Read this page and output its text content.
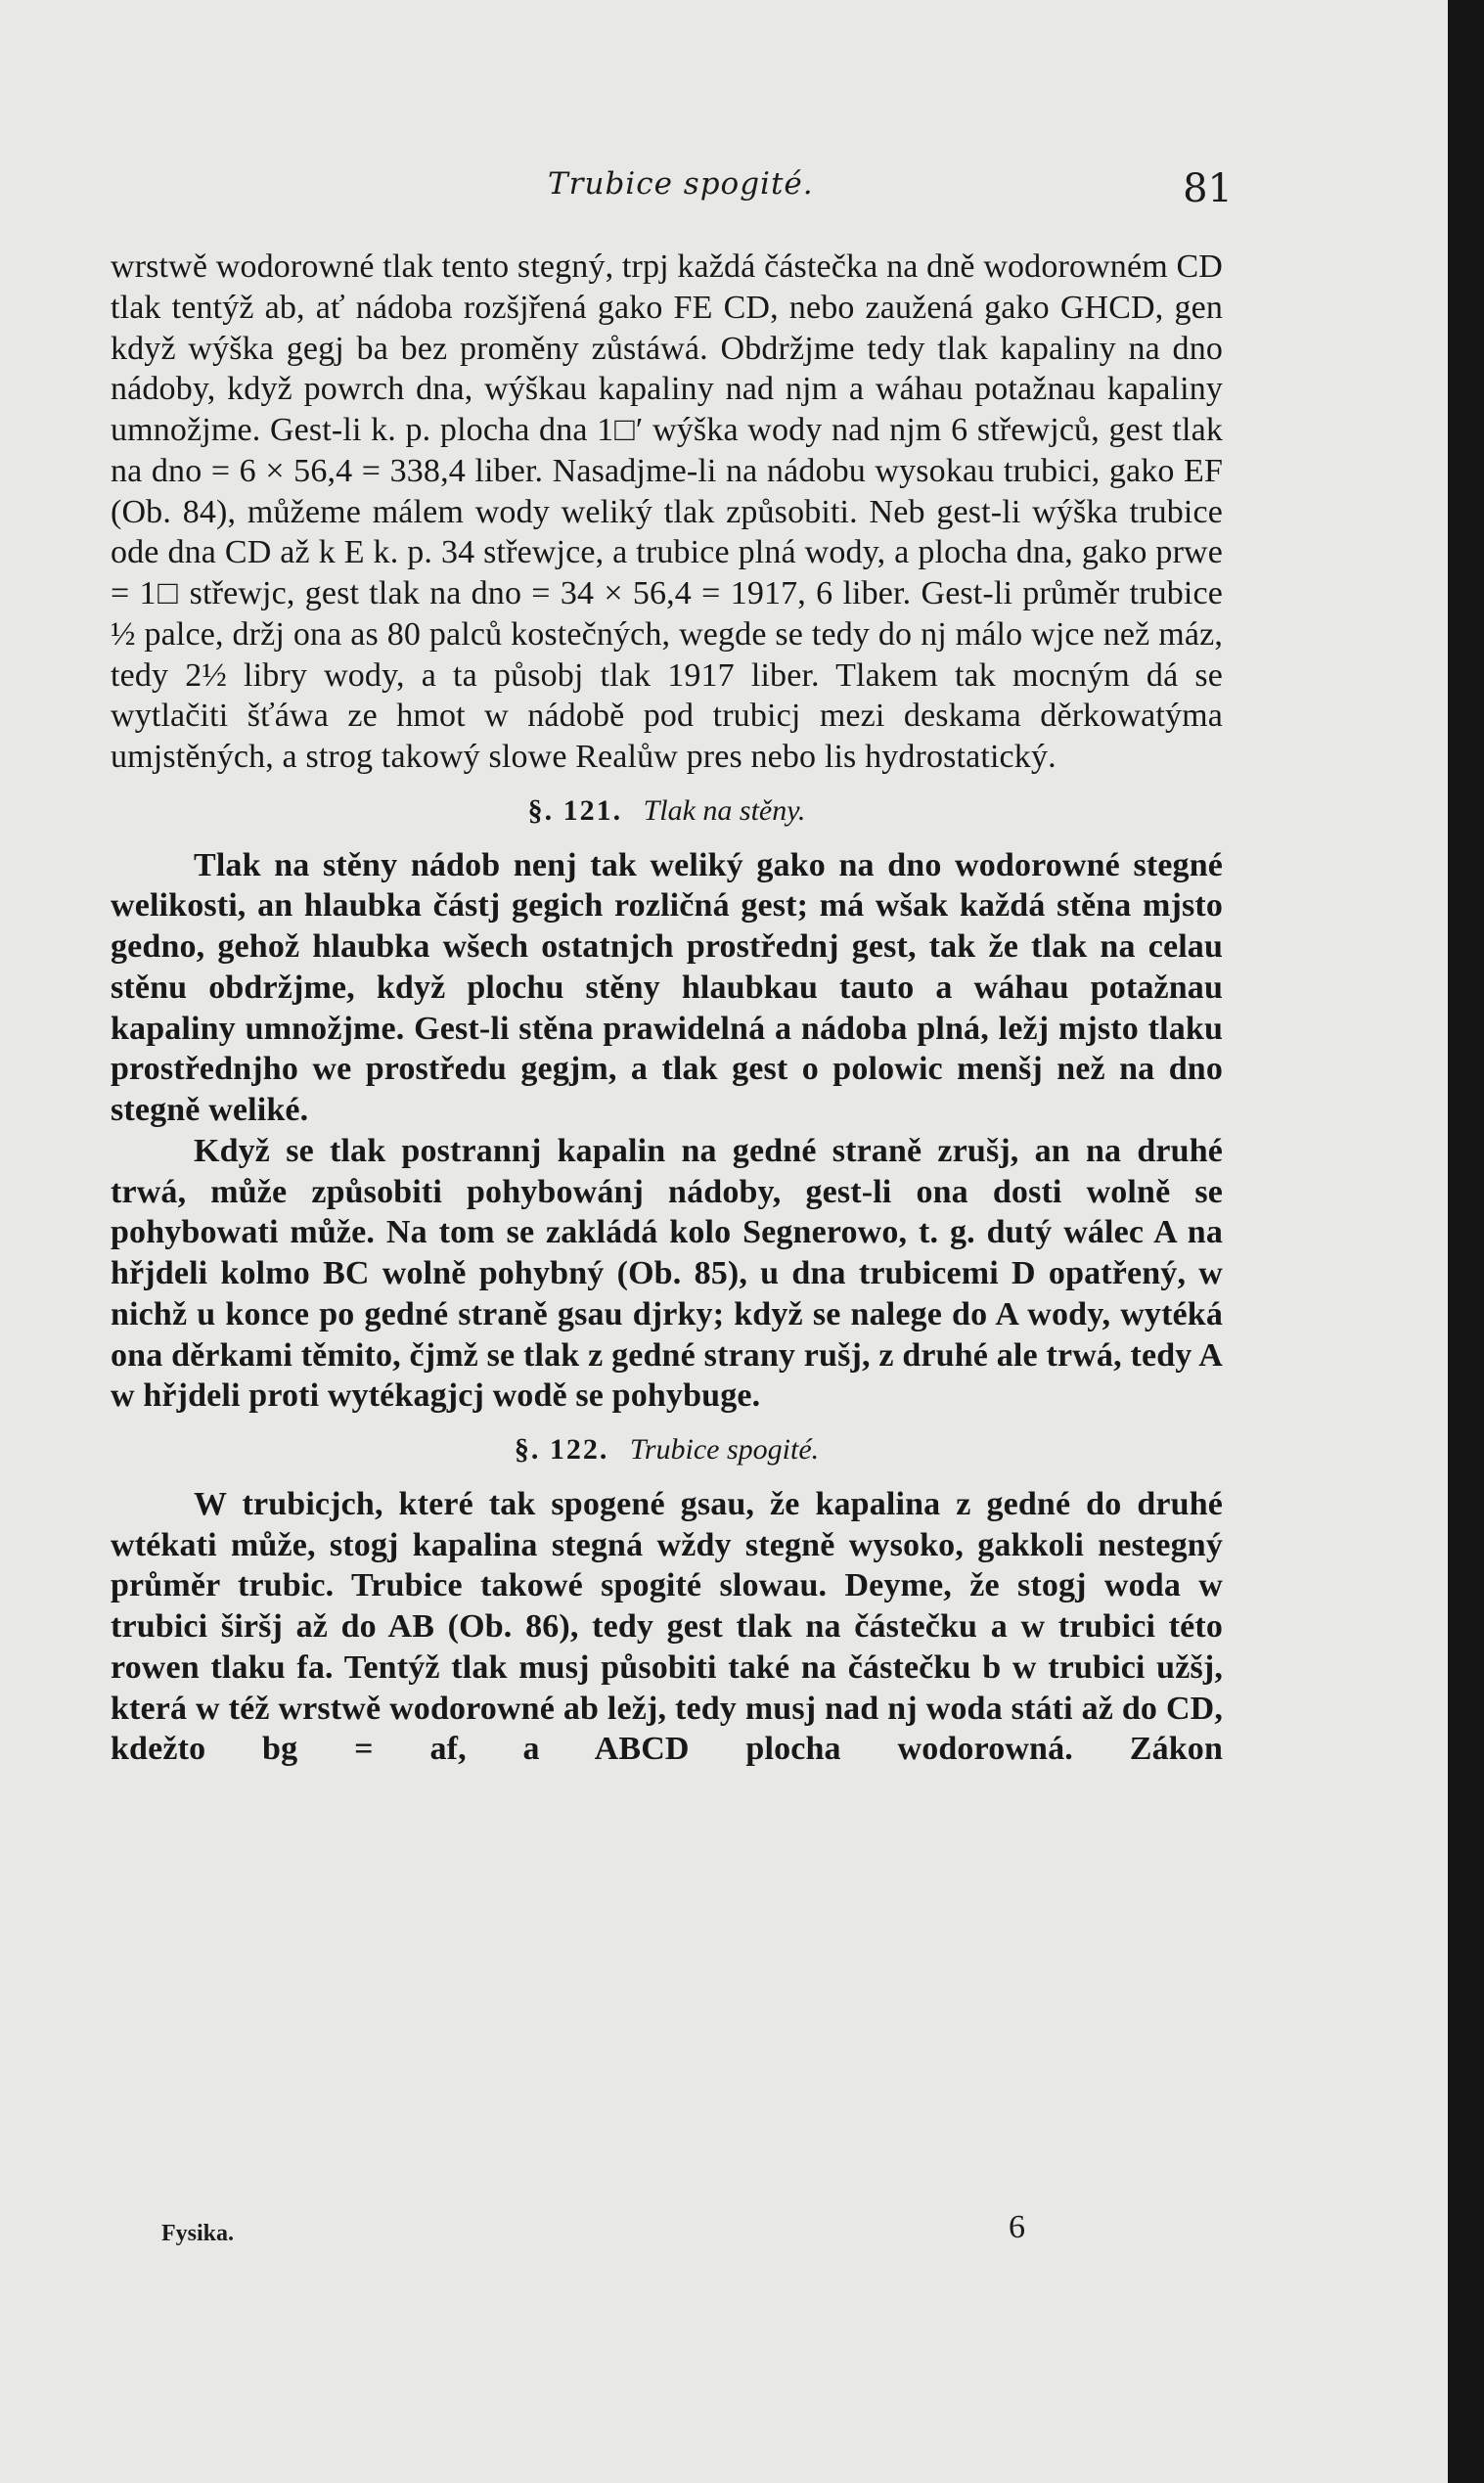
Trubice spogité.	81

wrstwě wodorowné tlak tento stegný, trpj každá částečka na dně wodorowném CD tlak tentýž ab, ať nádoba rozšjřená gako FE CD, nebo zaužená gako GHCD, gen když wýška gegj ba bez proměny zůstáwá. Obdržjme tedy tlak kapaliny na dno nádoby, když powrch dna, wýškau kapaliny nad njm a wáhau potažnau kapaliny umnožjme. Gest-li k. p. plocha dna 1□′ wýška wody nad njm 6 střewjců, gest tlak na dno = 6 × 56,4 = 338,4 liber. Nasadjme-li na nádobu wysokau trubici, gako EF (Ob. 84), můžeme málem wody weliký tlak způsobiti. Neb gest-li wýška trubice ode dna CD až k E k. p. 34 střewjce, a trubice plná wody, a plocha dna, gako prwe = 1□ střewjc, gest tlak na dno = 34 × 56,4 = 1917, 6 liber. Gest-li průměr trubice ½ palce, držj ona as 80 palců kostečných, wegde se tedy do nj málo wjce než máz, tedy 2½ libry wody, a ta působj tlak 1917 liber. Tlakem tak mocným dá se wytlačiti šťáwa ze hmot w nádobě pod trubicj mezi deskama děrkowatýma umjstěných, a strog takowý slowe Realůw pres nebo lis hydrostatický.

§. 121. Tlak na stěny.

Tlak na stěny nádob nenj tak weliký gako na dno wodorowné stegné welikosti, an hlaubka částj gegich rozličná gest; má wšak každá stěna mjsto gedno, gehož hlaubka wšech ostatnjch prostřednj gest, tak že tlak na celau stěnu obdržjme, když plochu stěny hlaubkau tauto a wáhau potažnau kapaliny umnožjme. Gest-li stěna prawidelná a nádoba plná, ležj mjsto tlaku prostřednjho we prostředu gegjm, a tlak gest o polowic menšj než na dno stegně weliké.

Když se tlak postrannj kapalin na gedné straně zrušj, an na druhé trwá, může způsobiti pohybowánj nádoby, gest-li ona dosti wolně se pohybowati může. Na tom se zakládá kolo Segnerowo, t. g. dutý wálec A na hřjdeli kolmo BC wolně pohybný (Ob. 85), u dna trubicemi D opatřený, w nichž u konce po gedné straně gsau djrky; když se nalege do A wody, wytéká ona děrkami těmito, čjmž se tlak z gedné strany rušj, z druhé ale trwá, tedy A w hřjdeli proti wytékagjcj wodě se pohybuge.

§. 122. Trubice spogité.

W trubicjch, které tak spogené gsau, že kapalina z gedné do druhé wtékati může, stogj kapalina stegná wždy stegně wysoko, gakkoli nestegný průměr trubic. Trubice takowé spogité slowau. Deyme, že stogj woda w trubici širšj až do AB (Ob. 86), tedy gest tlak na částečku a w trubici této rowen tlaku fa. Tentýž tlak musj působiti také na částečku b w trubici užšj, která w též wrstwě wodorowné ab ležj, tedy musj nad nj woda státi až do CD, kdežto bg = af, a ABCD plocha wodorowná. Zákon

Fysika.	6
